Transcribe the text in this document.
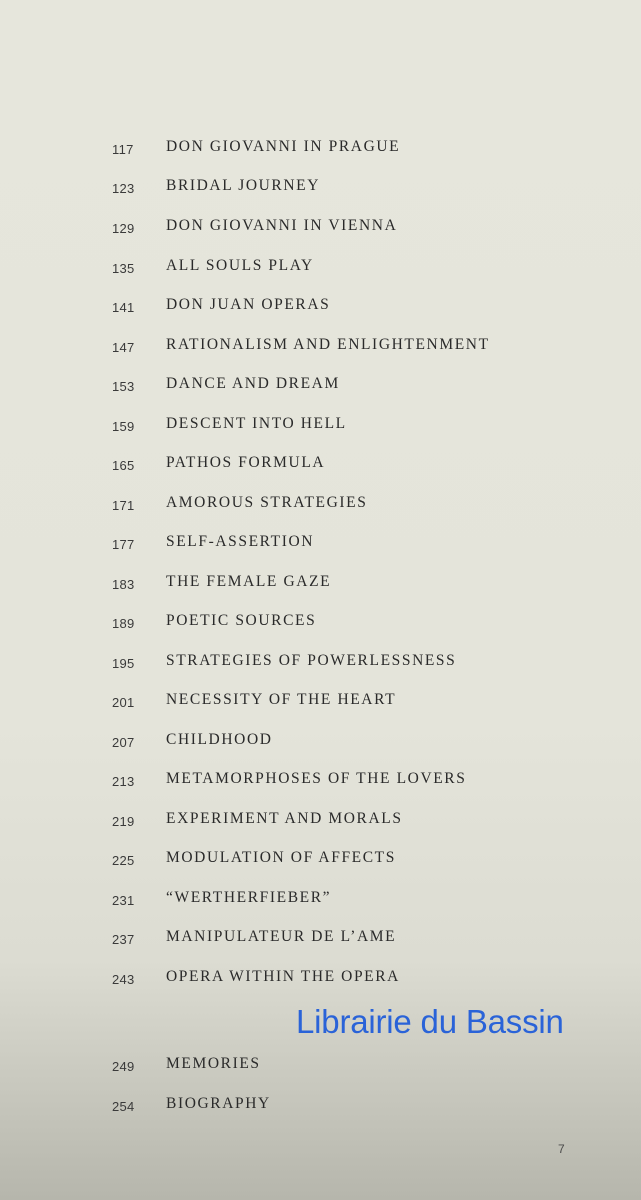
117 DON GIOVANNI IN PRAGUE
123 BRIDAL JOURNEY
129 DON GIOVANNI IN VIENNA
135 ALL SOULS PLAY
141 DON JUAN OPERAS
147 RATIONALISM AND ENLIGHTENMENT
153 DANCE AND DREAM
159 DESCENT INTO HELL
165 PATHOS FORMULA
171 AMOROUS STRATEGIES
177 SELF-ASSERTION
183 THE FEMALE GAZE
189 POETIC SOURCES
195 STRATEGIES OF POWERLESSNESS
201 NECESSITY OF THE HEART
207 CHILDHOOD
213 METAMORPHOSES OF THE LOVERS
219 EXPERIMENT AND MORALS
225 MODULATION OF AFFECTS
231 “WERTHERFIEBER”
237 MANIPULATEUR DE L’AME
243 OPERA WITHIN THE OPERA
249 MEMORIES
254 BIOGRAPHY
Librairie du Bassin
7
